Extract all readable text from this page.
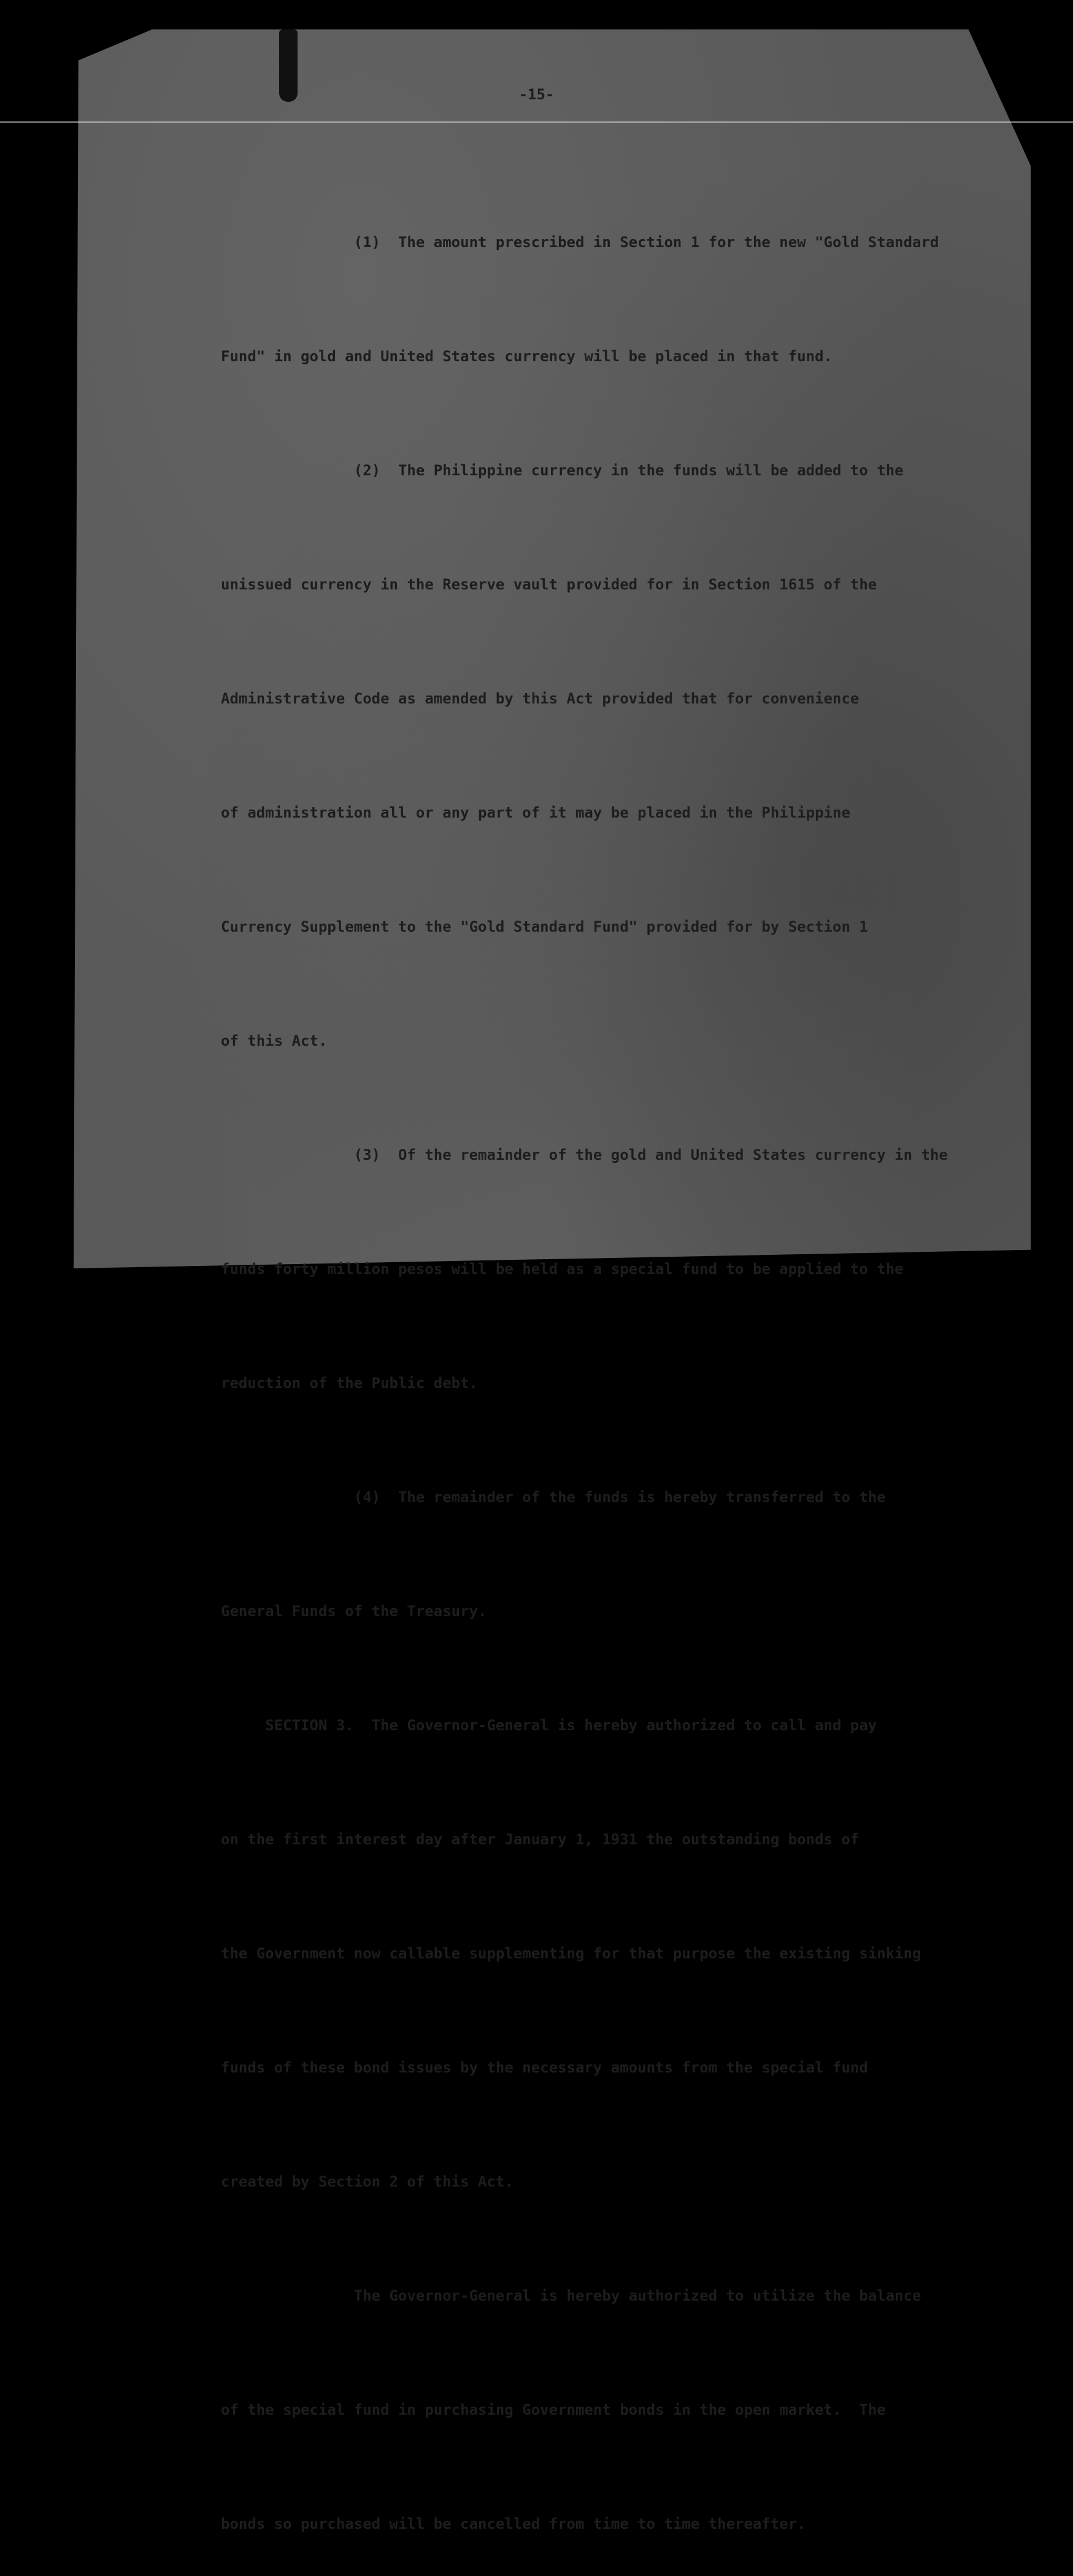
-15-

(1)  The amount prescribed in Section 1 for the new "Gold Standard

Fund" in gold and United States currency will be placed in that fund.

(2)  The Philippine currency in the funds will be added to the

unissued currency in the Reserve vault provided for in Section 1615 of the

Administrative Code as amended by this Act provided that for convenience

of administration all or any part of it may be placed in the Philippine

Currency Supplement to the "Gold Standard Fund" provided for by Section 1

of this Act.

(3)  Of the remainder of the gold and United States currency in the

funds forty million pesos will be held as a special fund to be applied to the

reduction of the Public debt.

(4)  The remainder of the funds is hereby transferred to the

General Funds of the Treasury.

SECTION 3.  The Governor-General is hereby authorized to call and pay

on the first interest day after January 1, 1931 the outstanding bonds of

the Government now callable supplementing for that purpose the existing sinking

funds of these bond issues by the necessary amounts from the special fund

created by Section 2 of this Act.

The Governor-General is hereby authorized to utilize the balance

of the special fund in purchasing Government bonds in the open market.  The

bonds so purchased will be cancelled from time to time thereafter.
